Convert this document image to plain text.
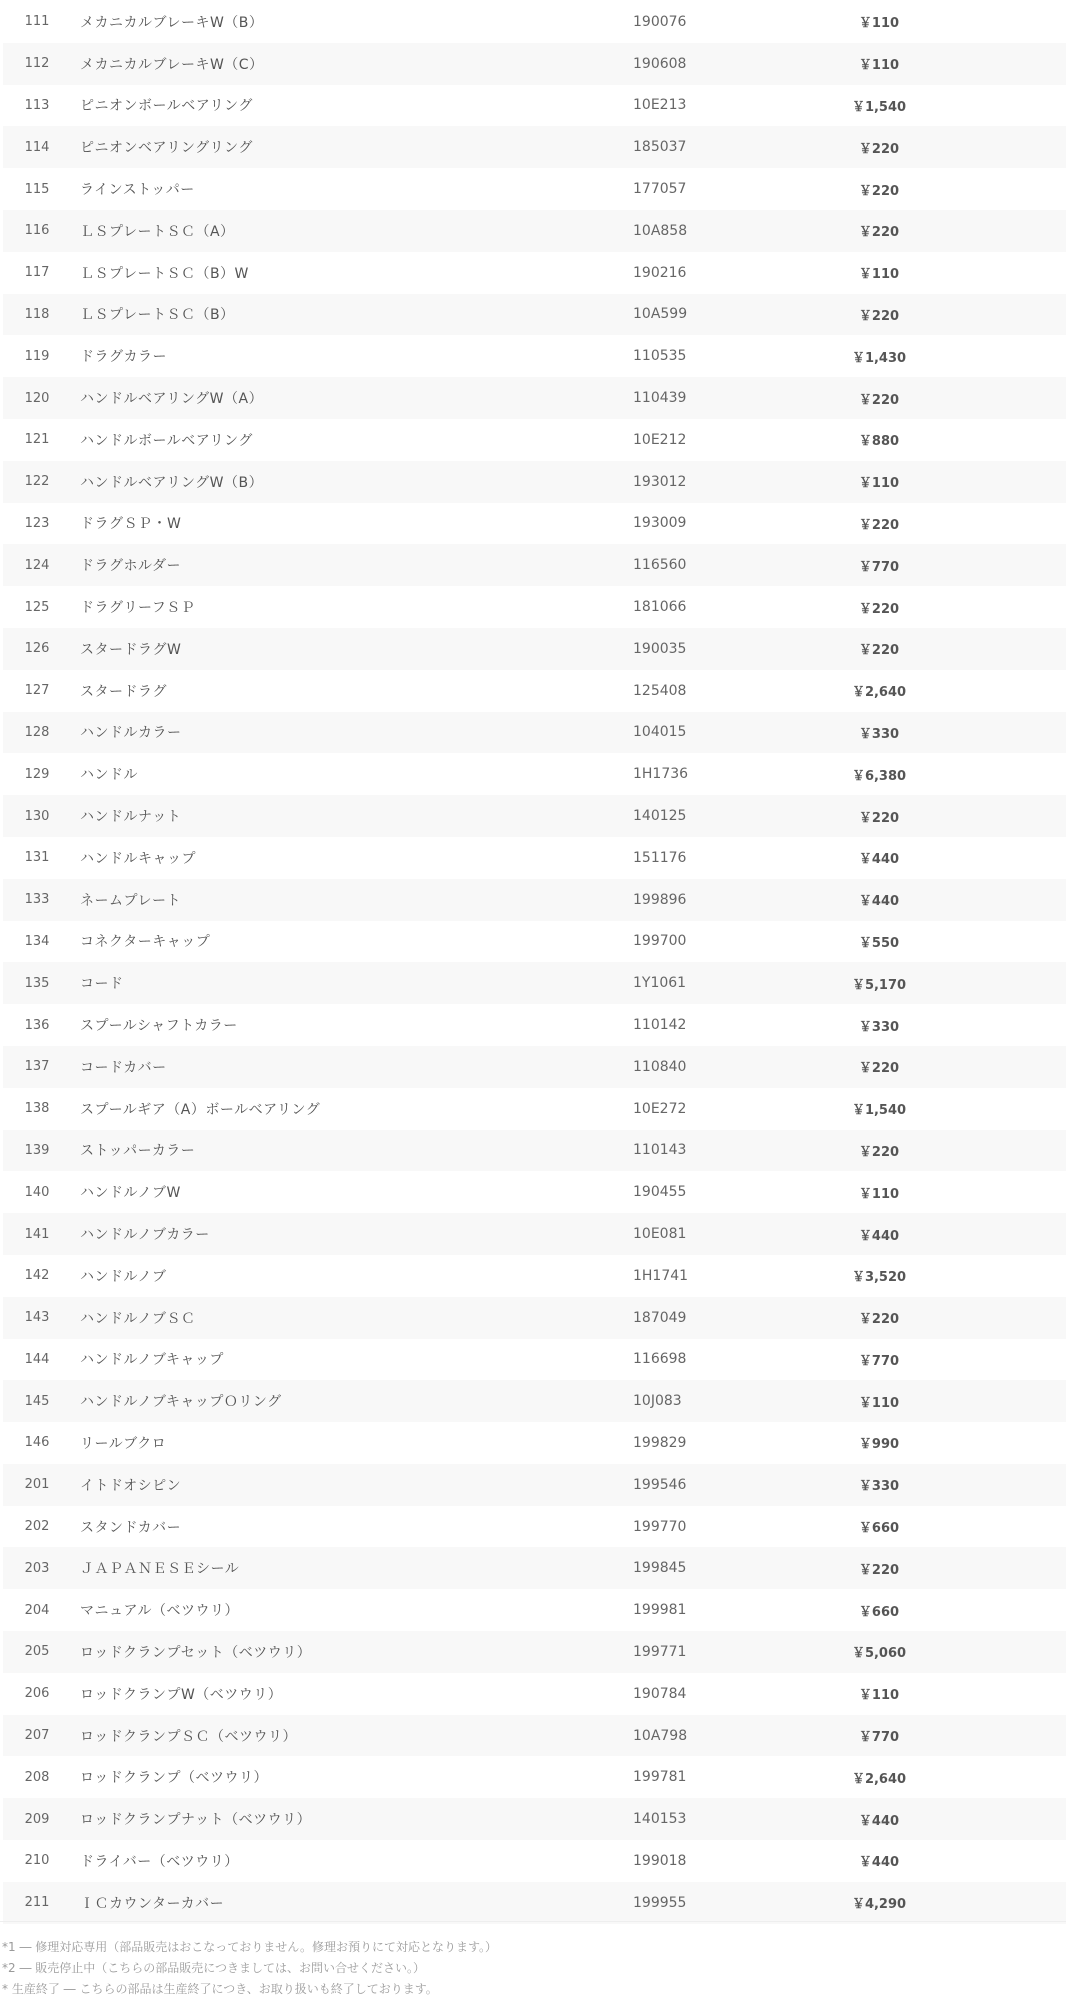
111	メカニカルブレーキW（B）	190076	￥110
112	メカニカルブレーキW（C）	190608	￥110
113	ピニオンボールベアリング	10E213	￥1,540
114	ピニオンベアリングリング	185037	￥220
115	ラインストッパー	177057	￥220
116	ＬＳプレートＳＣ（A）	10A858	￥220
117	ＬＳプレートＳＣ（B）W	190216	￥110
118	ＬＳプレートＳＣ（B）	10A599	￥220
119	ドラグカラー	110535	￥1,430
120	ハンドルベアリングW（A）	110439	￥220
121	ハンドルボールベアリング	10E212	￥880
122	ハンドルベアリングW（B）	193012	￥110
123	ドラグＳＰ・W	193009	￥220
124	ドラグホルダー	116560	￥770
125	ドラグリーフＳＰ	181066	￥220
126	スタードラグW	190035	￥220
127	スタードラグ	125408	￥2,640
128	ハンドルカラー	104015	￥330
129	ハンドル	1H1736	￥6,380
130	ハンドルナット	140125	￥220
131	ハンドルキャップ	151176	￥440
133	ネームプレート	199896	￥440
134	コネクターキャップ	199700	￥550
135	コード	1Y1061	￥5,170
136	スプールシャフトカラー	110142	￥330
137	コードカバー	110840	￥220
138	スプールギア（A）ボールベアリング	10E272	￥1,540
139	ストッパーカラー	110143	￥220
140	ハンドルノブW	190455	￥110
141	ハンドルノブカラー	10E081	￥440
142	ハンドルノブ	1H1741	￥3,520
143	ハンドルノブＳＣ	187049	￥220
144	ハンドルノブキャップ	116698	￥770
145	ハンドルノブキャップＯリング	10J083	￥110
146	リールブクロ	199829	￥990
201	イトドオシピン	199546	￥330
202	スタンドカバー	199770	￥660
203	ＪＡＰＡＮＥＳＥシール	199845	￥220
204	マニュアル（ベツウリ）	199981	￥660
205	ロッドクランプセット（ベツウリ）	199771	￥5,060
206	ロッドクランプW（ベツウリ）	190784	￥110
207	ロッドクランプＳＣ（ベツウリ）	10A798	￥770
208	ロッドクランプ（ベツウリ）	199781	￥2,640
209	ロッドクランプナット（ベツウリ）	140153	￥440
210	ドライバー（ベツウリ）	199018	￥440
211	ＩＣカウンターカバー	199955	￥4,290
*1 ― 修理対応専用（部品販売はおこなっておりません。修理お預りにて対応となります。）
*2 ― 販売停止中（こちらの部品販売につきましては、お問い合せください。）
* 生産終了 ― こちらの部品は生産終了につき、お取り扱いも終了しております。
